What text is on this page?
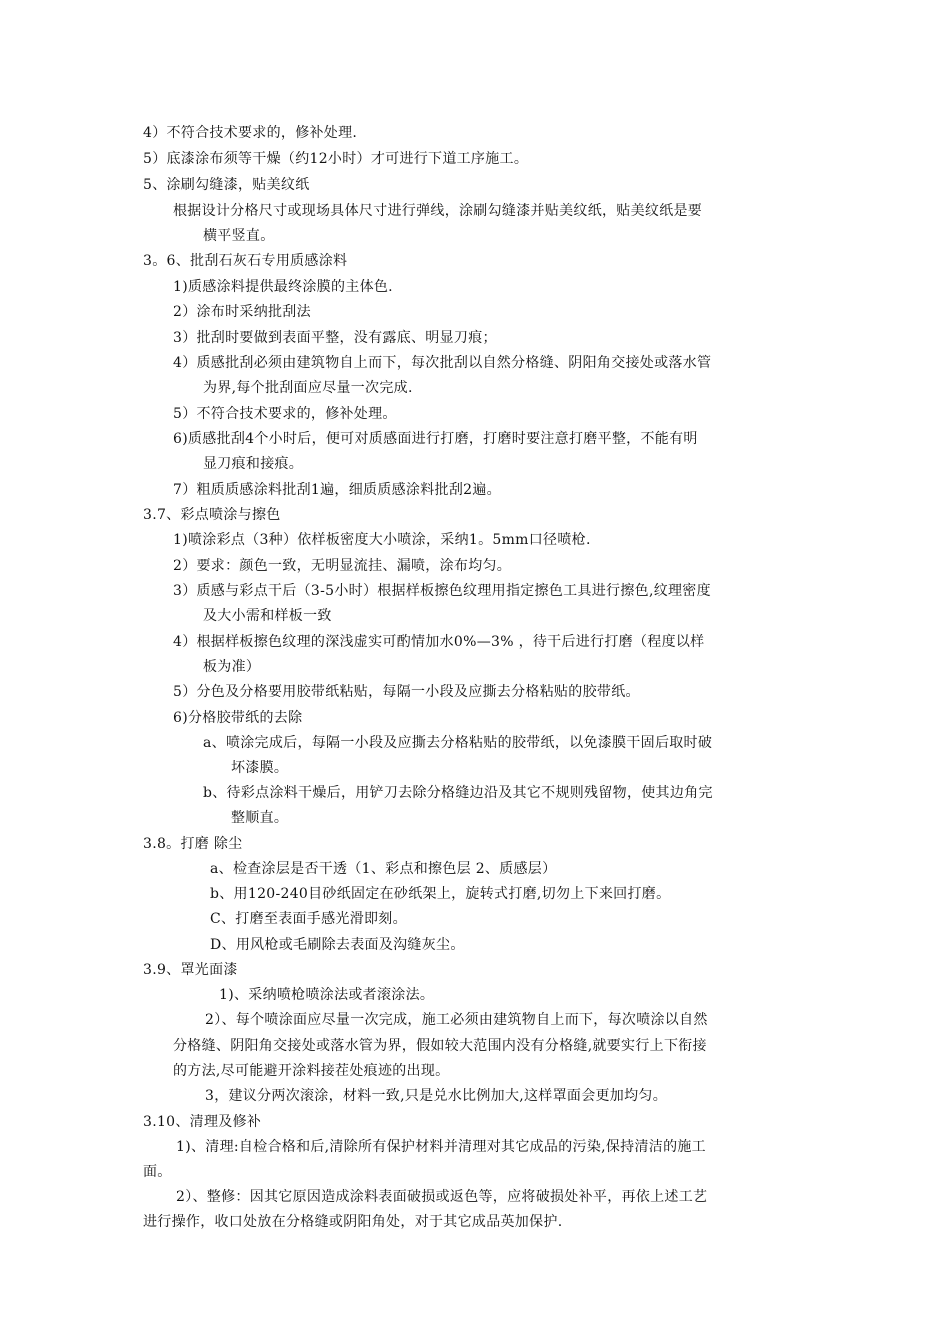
4）不符合技术要求的，修补处理.
5）底漆涂布须等干燥（约12小时）才可进行下道工序施工。
5、涂刷勾缝漆，贴美纹纸
根据设计分格尺寸或现场具体尺寸进行弹线，涂刷勾缝漆并贴美纹纸，贴美纹纸是要
横平竖直。
3。6、批刮石灰石专用质感涂料
1)质感涂料提供最终涂膜的主体色.
2）涂布时采纳批刮法
3）批刮时要做到表面平整，没有露底、明显刀痕；
4）质感批刮必须由建筑物自上而下，每次批刮以自然分格缝、阴阳角交接处或落水管
为界,每个批刮面应尽量一次完成.
5）不符合技术要求的，修补处理。
6)质感批刮4个小时后，便可对质感面进行打磨，打磨时要注意打磨平整，不能有明
显刀痕和接痕。
7）粗质质感涂料批刮1遍，细质质感涂料批刮2遍。
3.7、彩点喷涂与擦色
1)喷涂彩点（3种）依样板密度大小喷涂，采纳1。5mm口径喷枪.
2）要求：颜色一致，无明显流挂、漏喷，涂布均匀。
3）质感与彩点干后（3-5小时）根据样板擦色纹理用指定擦色工具进行擦色,纹理密度
及大小需和样板一致
4）根据样板擦色纹理的深浅虚实可酌情加水0%—3% ，待干后进行打磨（程度以样
板为准）
5）分色及分格要用胶带纸粘贴，每隔一小段及应撕去分格粘贴的胶带纸。
6)分格胶带纸的去除
a、喷涂完成后，每隔一小段及应撕去分格粘贴的胶带纸，以免漆膜干固后取时破
坏漆膜。
b、待彩点涂料干燥后，用铲刀去除分格缝边沿及其它不规则残留物，使其边角完
整顺直。
3.8。打磨 除尘
a、检查涂层是否干透（1、彩点和擦色层 2、质感层）
b、用120-240目砂纸固定在砂纸架上，旋转式打磨,切勿上下来回打磨。
C、打磨至表面手感光滑即刻。
D、用风枪或毛刷除去表面及沟缝灰尘。
3.9、罩光面漆
1)、采纳喷枪喷涂法或者滚涂法。
2）、每个喷涂面应尽量一次完成，施工必须由建筑物自上而下，每次喷涂以自然
分格缝、阴阳角交接处或落水管为界，假如较大范围内没有分格缝,就要实行上下衔接
的方法,尽可能避开涂料接茬处痕迹的出现。
3，建议分两次滚涂，材料一致,只是兑水比例加大,这样罩面会更加均匀。
3.10、清理及修补
1)、清理:自检合格和后,清除所有保护材料并清理对其它成品的污染,保持清洁的施工
面。
2）、整修：因其它原因造成涂料表面破损或返色等，应将破损处补平，再依上述工艺
进行操作，收口处放在分格缝或阴阳角处，对于其它成品英加保护.
